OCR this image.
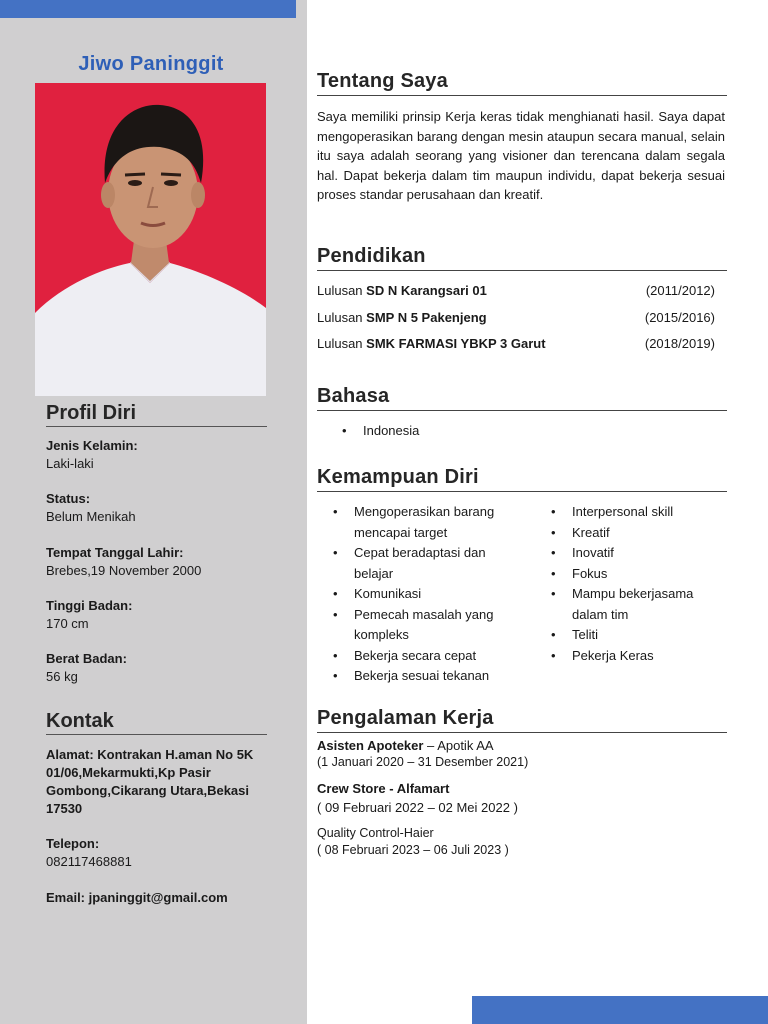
Jiwo Paninggit
Profil Diri
Jenis Kelamin:
Laki-laki
Status:
Belum Menikah
Tempat Tanggal Lahir:
Brebes,19 November 2000
Tinggi Badan:
170 cm
Berat Badan:
56 kg
Kontak
Alamat: Kontrakan H.aman No 5K 01/06,Mekarmukti,Kp Pasir Gombong,Cikarang Utara,Bekasi 17530
Telepon:
082117468881
Email: jpaninggit@gmail.com
Tentang Saya
Saya memiliki prinsip Kerja keras tidak menghianati hasil. Saya dapat mengoperasikan barang dengan mesin ataupun secara manual, selain itu saya adalah seorang yang visioner dan terencana dalam segala hal. Dapat bekerja dalam tim maupun individu, dapat bekerja sesuai proses standar perusahaan dan kreatif.
Pendidikan
Lulusan SD N Karangsari 01	(2011/2012)
Lulusan SMP N 5 Pakenjeng	(2015/2016)
Lulusan SMK FARMASI YBKP 3 Garut	(2018/2019)
Bahasa
• Indonesia
Kemampuan Diri
• Mengoperasikan barang
mencapai target
• Cepat beradaptasi dan
belajar
• Komunikasi
• Pemecah masalah yang
kompleks
• Bekerja secara cepat
• Bekerja sesuai tekanan
• Interpersonal skill
• Kreatif
• Inovatif
• Fokus
• Mampu bekerjasama
dalam tim
• Teliti
• Pekerja Keras
Pengalaman Kerja
Asisten Apoteker – Apotik AA
(1 Januari 2020 – 31 Desember 2021)
Crew Store - Alfamart
( 09 Februari 2022 – 02 Mei 2022 )
Quality Control-Haier
( 08 Februari 2023 – 06 Juli 2023 )
